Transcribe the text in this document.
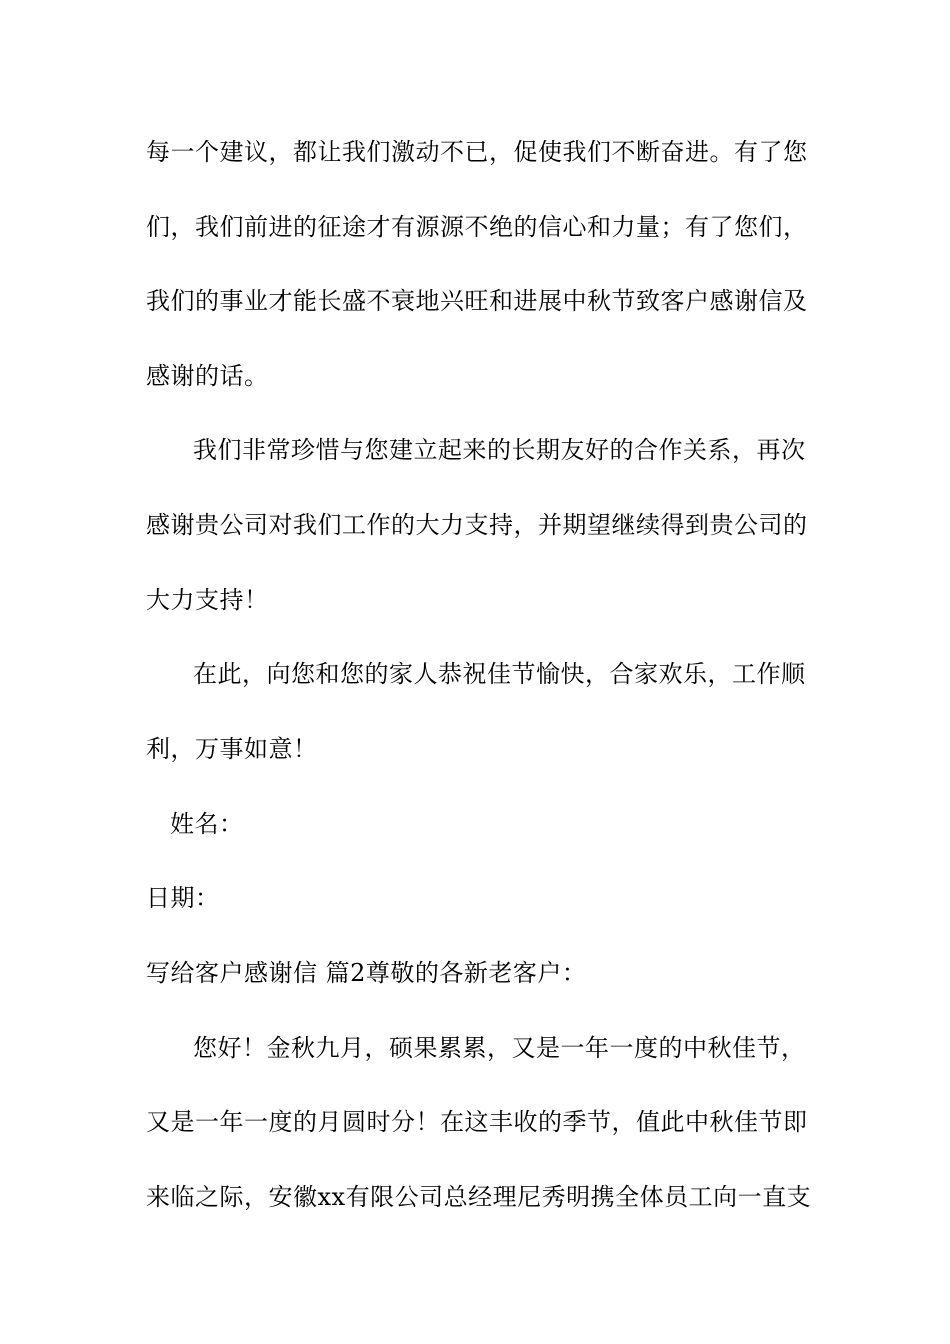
每一个建议，都让我们激动不已，促使我们不断奋进。有了您
们，我们前进的征途才有源源不绝的信心和力量；有了您们，
我们的事业才能长盛不衰地兴旺和进展中秋节致客户感谢信及
感谢的话。
我们非常珍惜与您建立起来的长期友好的合作关系，再次
感谢贵公司对我们工作的大力支持，并期望继续得到贵公司的
大力支持！
在此，向您和您的家人恭祝佳节愉快，合家欢乐，工作顺
利，万事如意！
姓名：
日期：
写给客户感谢信 篇2尊敬的各新老客户：
您好！金秋九月，硕果累累，又是一年一度的中秋佳节，
又是一年一度的月圆时分！在这丰收的季节，值此中秋佳节即
来临之际，安徽xx有限公司总经理尼秀明携全体员工向一直支
